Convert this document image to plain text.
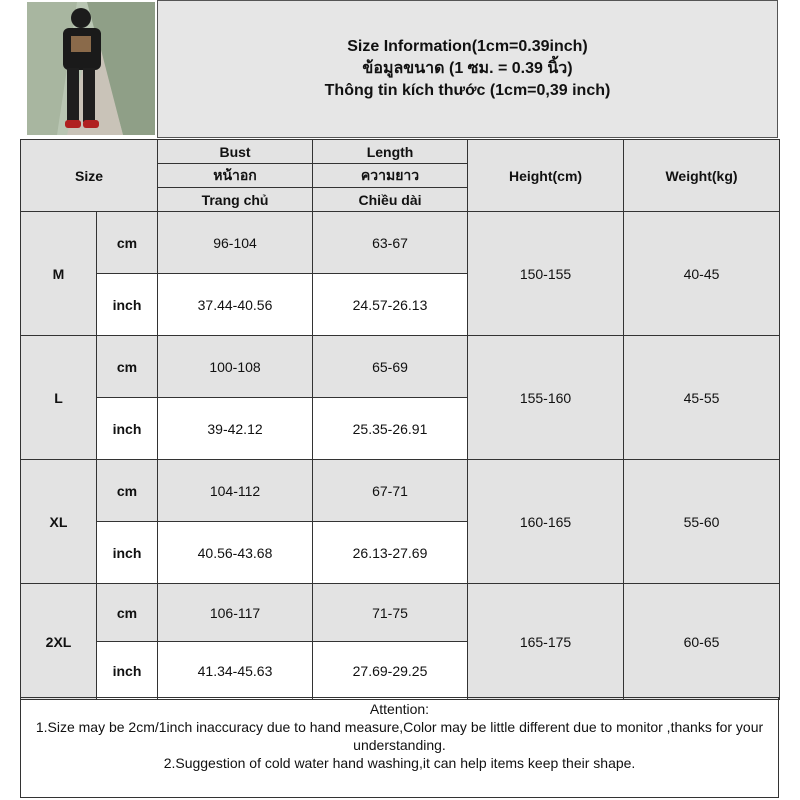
Size Information(1cm=0.39inch)
ข้อมูลขนาด (1 ซม. = 0.39 นิ้ว)
Thông tin kích thước (1cm=0,39 inch)
Size		Bust	Length	Height(cm)	Weight(kg)
		หน้าอก	ความยาว		
		Trang chủ	Chiều dài		
M	cm	96-104	63-67	150-155	40-45
	inch	37.44-40.56	24.57-26.13		
L	cm	100-108	65-69	155-160	45-55
	inch	39-42.12	25.35-26.91		
XL	cm	104-112	67-71	160-165	55-60
	inch	40.56-43.68	26.13-27.69		
2XL	cm	106-117	71-75	165-175	60-65
	inch	41.34-45.63	27.69-29.25		
Attention:
1.Size may be 2cm/1inch inaccuracy due to hand measure,Color may be little different due to monitor ,thanks for your
understanding.
2.Suggestion of cold water hand washing,it can help items keep their shape.
